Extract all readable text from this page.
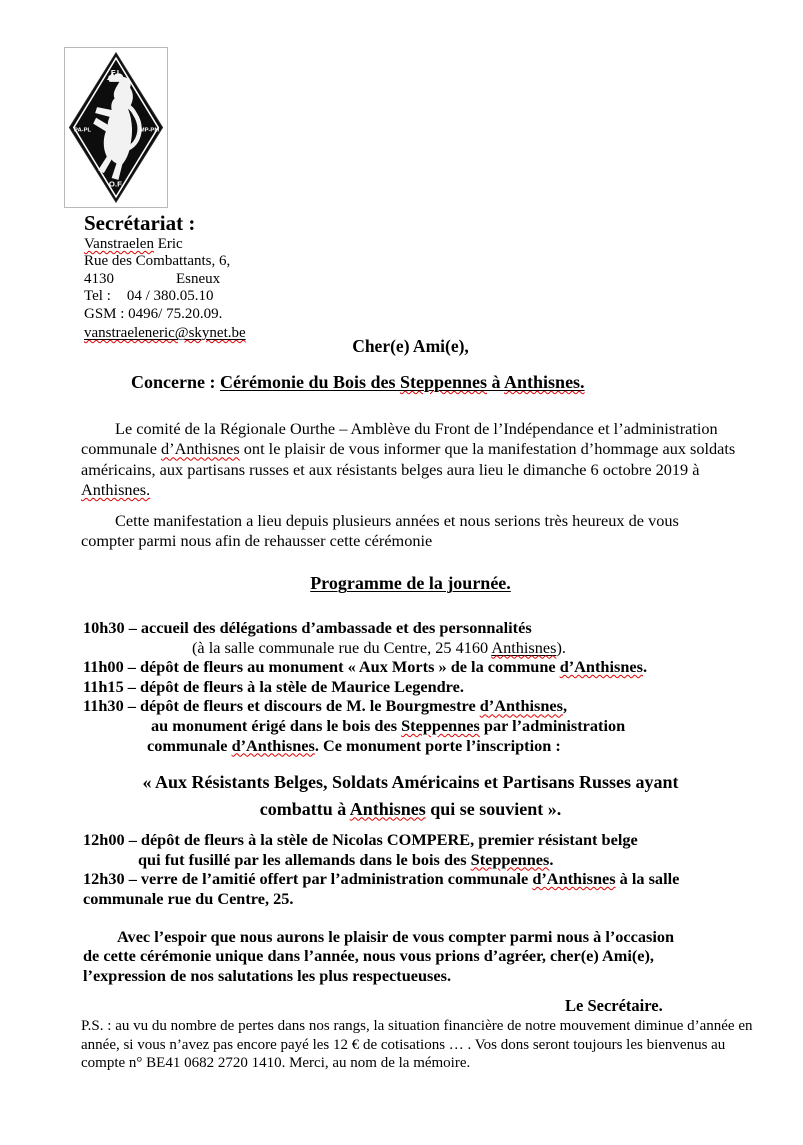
F.I.
PA-PL	MP-PM
O.F.
Secrétariat :
Vanstraelen Eric
Rue des Combattants, 6,
4130	Esneux
Tel : 04 / 380.05.10
GSM : 0496/ 75.20.09.
vanstraeleneric@skynet.be
Cher(e) Ami(e),
Concerne : Cérémonie du Bois des Steppennes à Anthisnes.
Le comité de la Régionale Ourthe – Amblève du Front de l’Indépendance et l’administration
communale d’Anthisnes ont le plaisir de vous informer que la manifestation d’hommage aux soldats
américains, aux partisans russes et aux résistants belges aura lieu le dimanche 6 octobre 2019 à
Anthisnes.
Cette manifestation a lieu depuis plusieurs années et nous serions très heureux de vous
compter parmi nous afin de rehausser cette cérémonie
Programme de la journée.
10h30 – accueil des délégations d’ambassade et des personnalités
(à la salle communale rue du Centre, 25 4160 Anthisnes).
11h00 – dépôt de fleurs au monument « Aux Morts » de la commune d’Anthisnes.
11h15 – dépôt de fleurs à la stèle de Maurice Legendre.
11h30 – dépôt de fleurs et discours de M. le Bourgmestre d’Anthisnes,
au monument érigé dans le bois des Steppennes par l’administration
communale d’Anthisnes. Ce monument porte l’inscription :
« Aux Résistants Belges, Soldats Américains et Partisans Russes ayant
combattu à Anthisnes qui se souvient ».
12h00 – dépôt de fleurs à la stèle de Nicolas COMPERE, premier résistant belge
qui fut fusillé par les allemands dans le bois des Steppennes.
12h30 – verre de l’amitié offert par l’administration communale d’Anthisnes à la salle
communale rue du Centre, 25.
Avec l’espoir que nous aurons le plaisir de vous compter parmi nous à l’occasion
de cette cérémonie unique dans l’année, nous vous prions d’agréer, cher(e) Ami(e),
l’expression de nos salutations les plus respectueuses.
Le Secrétaire.
P.S. : au vu du nombre de pertes dans nos rangs, la situation financière de notre mouvement diminue d’année en
année, si vous n’avez pas encore payé les 12 € de cotisations … . Vos dons seront toujours les bienvenus au
compte n° BE41 0682 2720 1410. Merci, au nom de la mémoire.
